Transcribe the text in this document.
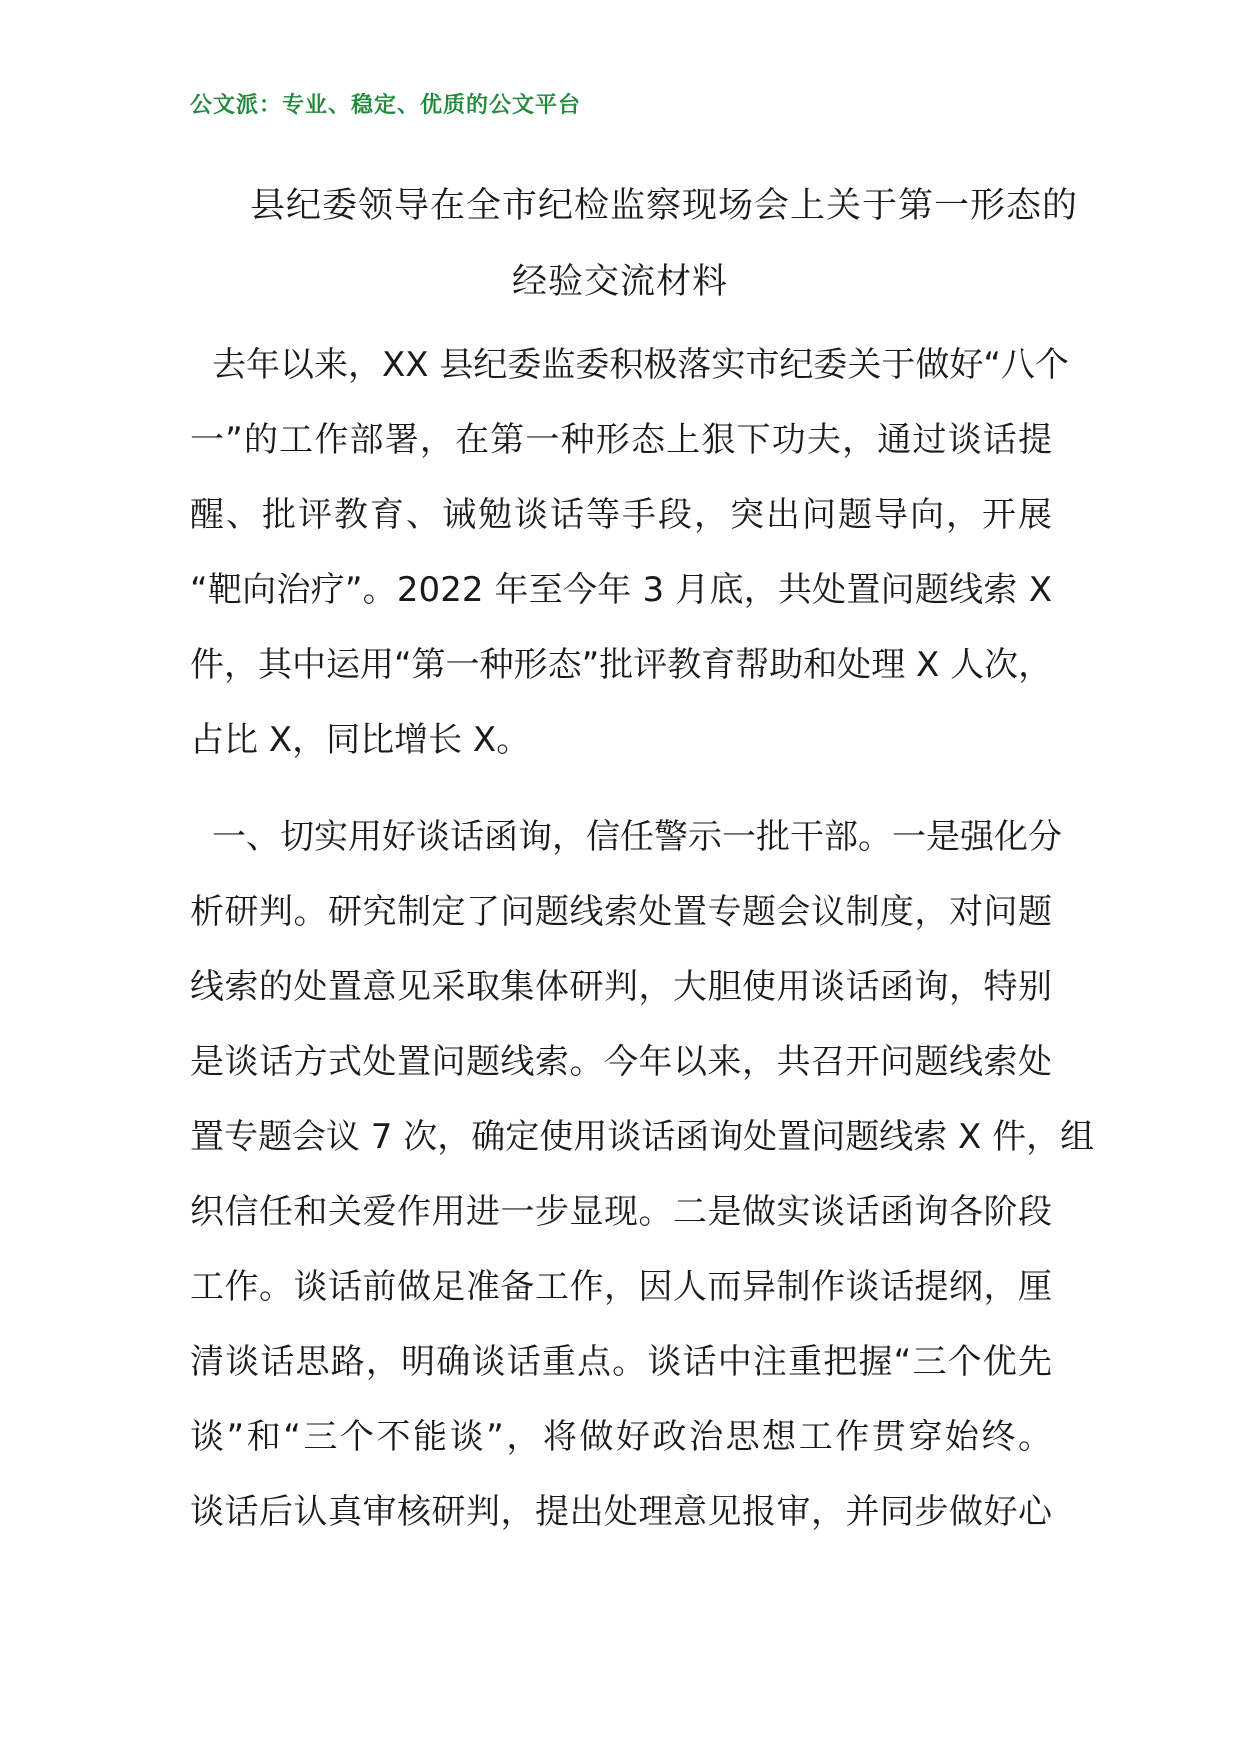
公文派：专业、稳定、优质的公文平台
县纪委领导在全市纪检监察现场会上关于第一形态的
经验交流材料
去年以来，XX 县纪委监委积极落实市纪委关于做好“八个
一”的工作部署，在第一种形态上狠下功夫，通过谈话提
醒、批评教育、诫勉谈话等手段，突出问题导向，开展
“靶向治疗”。2022 年至今年 3 月底，共处置问题线索 X
件，其中运用“第一种形态”批评教育帮助和处理 X 人次，
占比 X，同比增长 X。
一、切实用好谈话函询，信任警示一批干部。一是强化分
析研判。研究制定了问题线索处置专题会议制度，对问题
线索的处置意见采取集体研判，大胆使用谈话函询，特别
是谈话方式处置问题线索。今年以来，共召开问题线索处
置专题会议 7 次，确定使用谈话函询处置问题线索 X 件，组
织信任和关爱作用进一步显现。二是做实谈话函询各阶段
工作。谈话前做足准备工作，因人而异制作谈话提纲，厘
清谈话思路，明确谈话重点。谈话中注重把握“三个优先
谈”和“三个不能谈”，将做好政治思想工作贯穿始终。
谈话后认真审核研判，提出处理意见报审，并同步做好心
